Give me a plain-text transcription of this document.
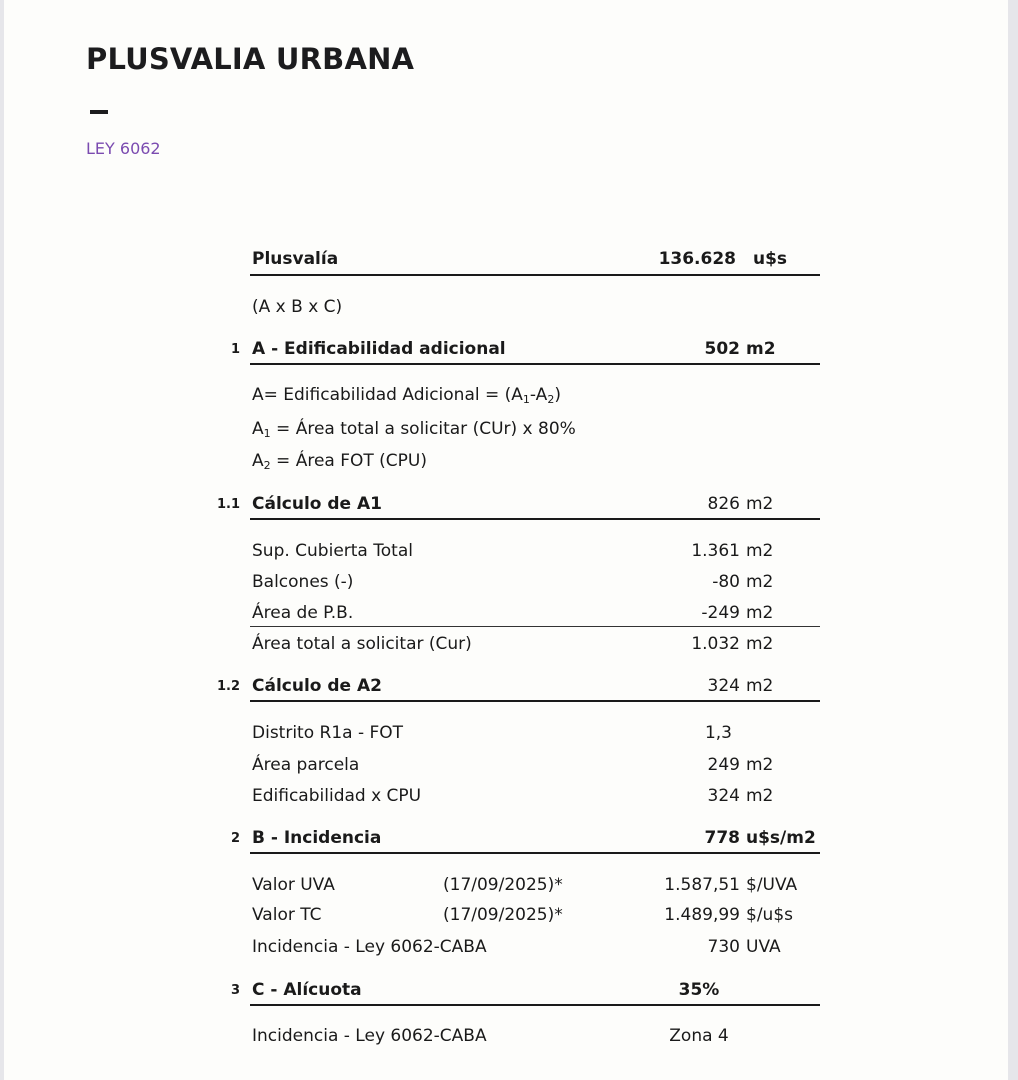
PLUSVALIA URBANA
LEY 6062
Plusvalía	136.628 u$s
(A x B x C)
1 A - Edificabilidad adicional	502 m2
A= Edificabilidad Adicional = $(A_1-A_2)$
$A_1$ = Área total a solicitar (CUr) x 80%
$A_2$ = Área FOT (CPU)
1.1 Cálculo de A1	826 m2
Sup. Cubierta Total	1.361 m2
Balcones (-)	-80 m2
Área de P.B.	-249 m2
Área total a solicitar (Cur)	1.032 m2
1.2 Cálculo de A2	324 m2
Distrito R1a - FOT	1,3
Área parcela	249 m2
Edificabilidad x CPU	324 m2
2 B - Incidencia	778 u$s/m2
Valor UVA	(17/09/2025)*	1.587,51 $/UVA
Valor TC	(17/09/2025)*	1.489,99 $/u$s
Incidencia - Ley 6062-CABA	730 UVA
3 C - Alícuota	35%
Incidencia - Ley 6062-CABA	Zona 4
